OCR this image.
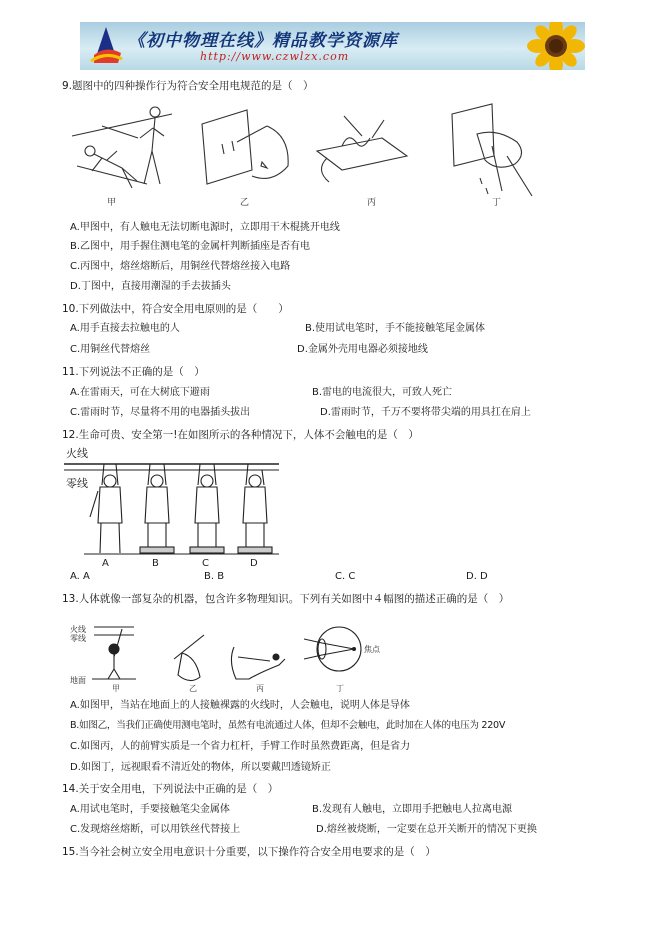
《初中物理在线》精品教学资源库
http://www.czwlzx.com
9.题图中的四种操作行为符合安全用电规范的是（　）
甲	乙	丙	丁
A.甲图中，有人触电无法切断电源时，立即用干木棍挑开电线
B.乙图中，用手握住测电笔的金属杆判断插座是否有电
C.丙图中，熔丝熔断后，用铜丝代替熔丝接入电路
D.丁图中，直接用潮湿的手去拔插头
10.下列做法中，符合安全用电原则的是（　　）
A.用手直接去拉触电的人	B.使用试电笔时，手不能接触笔尾金属体
C.用铜丝代替熔丝	D.金属外壳用电器必须接地线
11.下列说法不正确的是（　）
A.在雷雨天，可在大树底下避雨	B.雷电的电流很大，可致人死亡
C.雷雨时节，尽量将不用的电器插头拔出	D.雷雨时节，千万不要将带尖端的用具扛在肩上
12.生命可贵、安全第一!在如图所示的各种情况下，人体不会触电的是（　）
火线
零线
A	B	C	D
A. A	B. B	C. C	D. D
13.人体就像一部复杂的机器，包含许多物理知识。下列有关如图中４幅图的描述正确的是（　）
火线
零线
地面
焦点
甲	乙	丙	丁
A.如图甲，当站在地面上的人接触裸露的火线时，人会触电，说明人体是导体
B.如图乙，当我们正确使用测电笔时，虽然有电流通过人体，但却不会触电，此时加在人体的电压为 220V
C.如图丙，人的前臂实质是一个省力杠杆，手臂工作时虽然费距离，但是省力
D.如图丁，远视眼看不清近处的物体，所以要戴凹透镜矫正
14.关于安全用电，下列说法中正确的是（　）
A.用试电笔时，手要接触笔尖金属体	B.发现有人触电，立即用手把触电人拉离电源
C.发现熔丝熔断，可以用铁丝代替接上	D.熔丝被烧断，一定要在总开关断开的情况下更换
15.当今社会树立安全用电意识十分重要，以下操作符合安全用电要求的是（　）
